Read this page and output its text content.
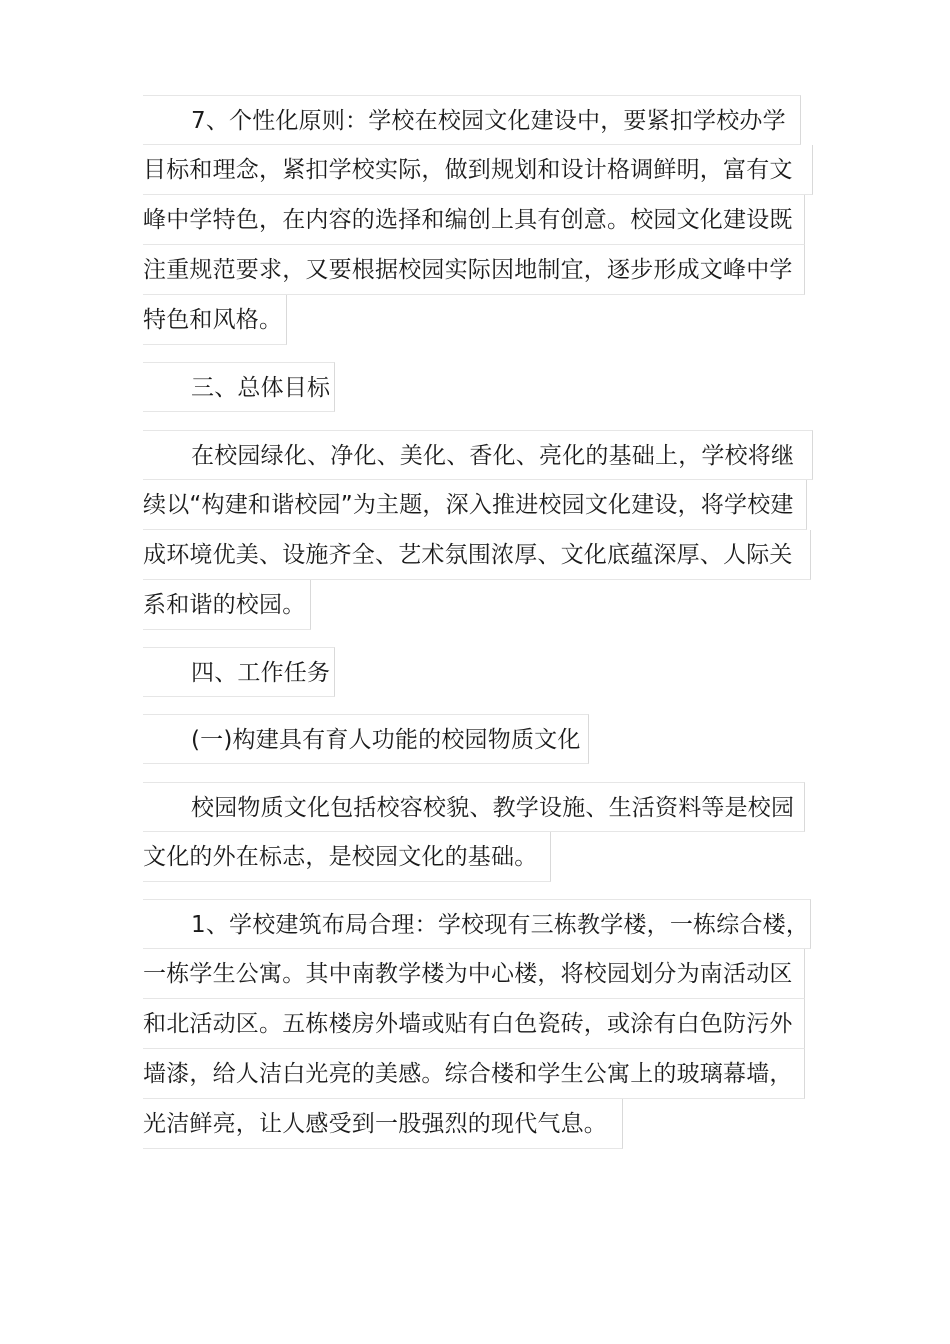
7、个性化原则：学校在校园文化建设中，要紧扣学校办学
目标和理念，紧扣学校实际，做到规划和设计格调鲜明，富有文
峰中学特色，在内容的选择和编创上具有创意。校园文化建设既
注重规范要求，又要根据校园实际因地制宜，逐步形成文峰中学
特色和风格。
三、总体目标
在校园绿化、净化、美化、香化、亮化的基础上，学校将继
续以“构建和谐校园”为主题，深入推进校园文化建设，将学校建
成环境优美、设施齐全、艺术氛围浓厚、文化底蕴深厚、人际关
系和谐的校园。
四、工作任务
(一)构建具有育人功能的校园物质文化
校园物质文化包括校容校貌、教学设施、生活资料等是校园
文化的外在标志，是校园文化的基础。
1、学校建筑布局合理：学校现有三栋教学楼，一栋综合楼，
一栋学生公寓。其中南教学楼为中心楼，将校园划分为南活动区
和北活动区。五栋楼房外墙或贴有白色瓷砖，或涂有白色防污外
墙漆，给人洁白光亮的美感。综合楼和学生公寓上的玻璃幕墙，
光洁鲜亮，让人感受到一股强烈的现代气息。
